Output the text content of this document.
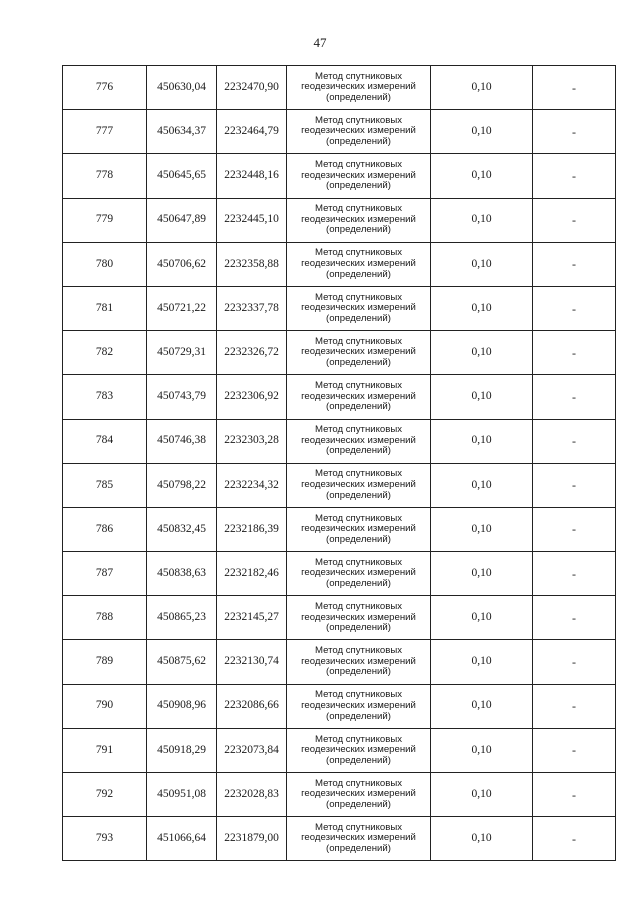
47
776	450630,04	2232470,90	Метод спутниковых
геодезических измерений
(определений)	0,10	-
777	450634,37	2232464,79	Метод спутниковых
геодезических измерений
(определений)	0,10	-
778	450645,65	2232448,16	Метод спутниковых
геодезических измерений
(определений)	0,10	-
779	450647,89	2232445,10	Метод спутниковых
геодезических измерений
(определений)	0,10	-
780	450706,62	2232358,88	Метод спутниковых
геодезических измерений
(определений)	0,10	-
781	450721,22	2232337,78	Метод спутниковых
геодезических измерений
(определений)	0,10	-
782	450729,31	2232326,72	Метод спутниковых
геодезических измерений
(определений)	0,10	-
783	450743,79	2232306,92	Метод спутниковых
геодезических измерений
(определений)	0,10	-
784	450746,38	2232303,28	Метод спутниковых
геодезических измерений
(определений)	0,10	-
785	450798,22	2232234,32	Метод спутниковых
геодезических измерений
(определений)	0,10	-
786	450832,45	2232186,39	Метод спутниковых
геодезических измерений
(определений)	0,10	-
787	450838,63	2232182,46	Метод спутниковых
геодезических измерений
(определений)	0,10	-
788	450865,23	2232145,27	Метод спутниковых
геодезических измерений
(определений)	0,10	-
789	450875,62	2232130,74	Метод спутниковых
геодезических измерений
(определений)	0,10	-
790	450908,96	2232086,66	Метод спутниковых
геодезических измерений
(определений)	0,10	-
791	450918,29	2232073,84	Метод спутниковых
геодезических измерений
(определений)	0,10	-
792	450951,08	2232028,83	Метод спутниковых
геодезических измерений
(определений)	0,10	-
793	451066,64	2231879,00	Метод спутниковых
геодезических измерений
(определений)	0,10	-
